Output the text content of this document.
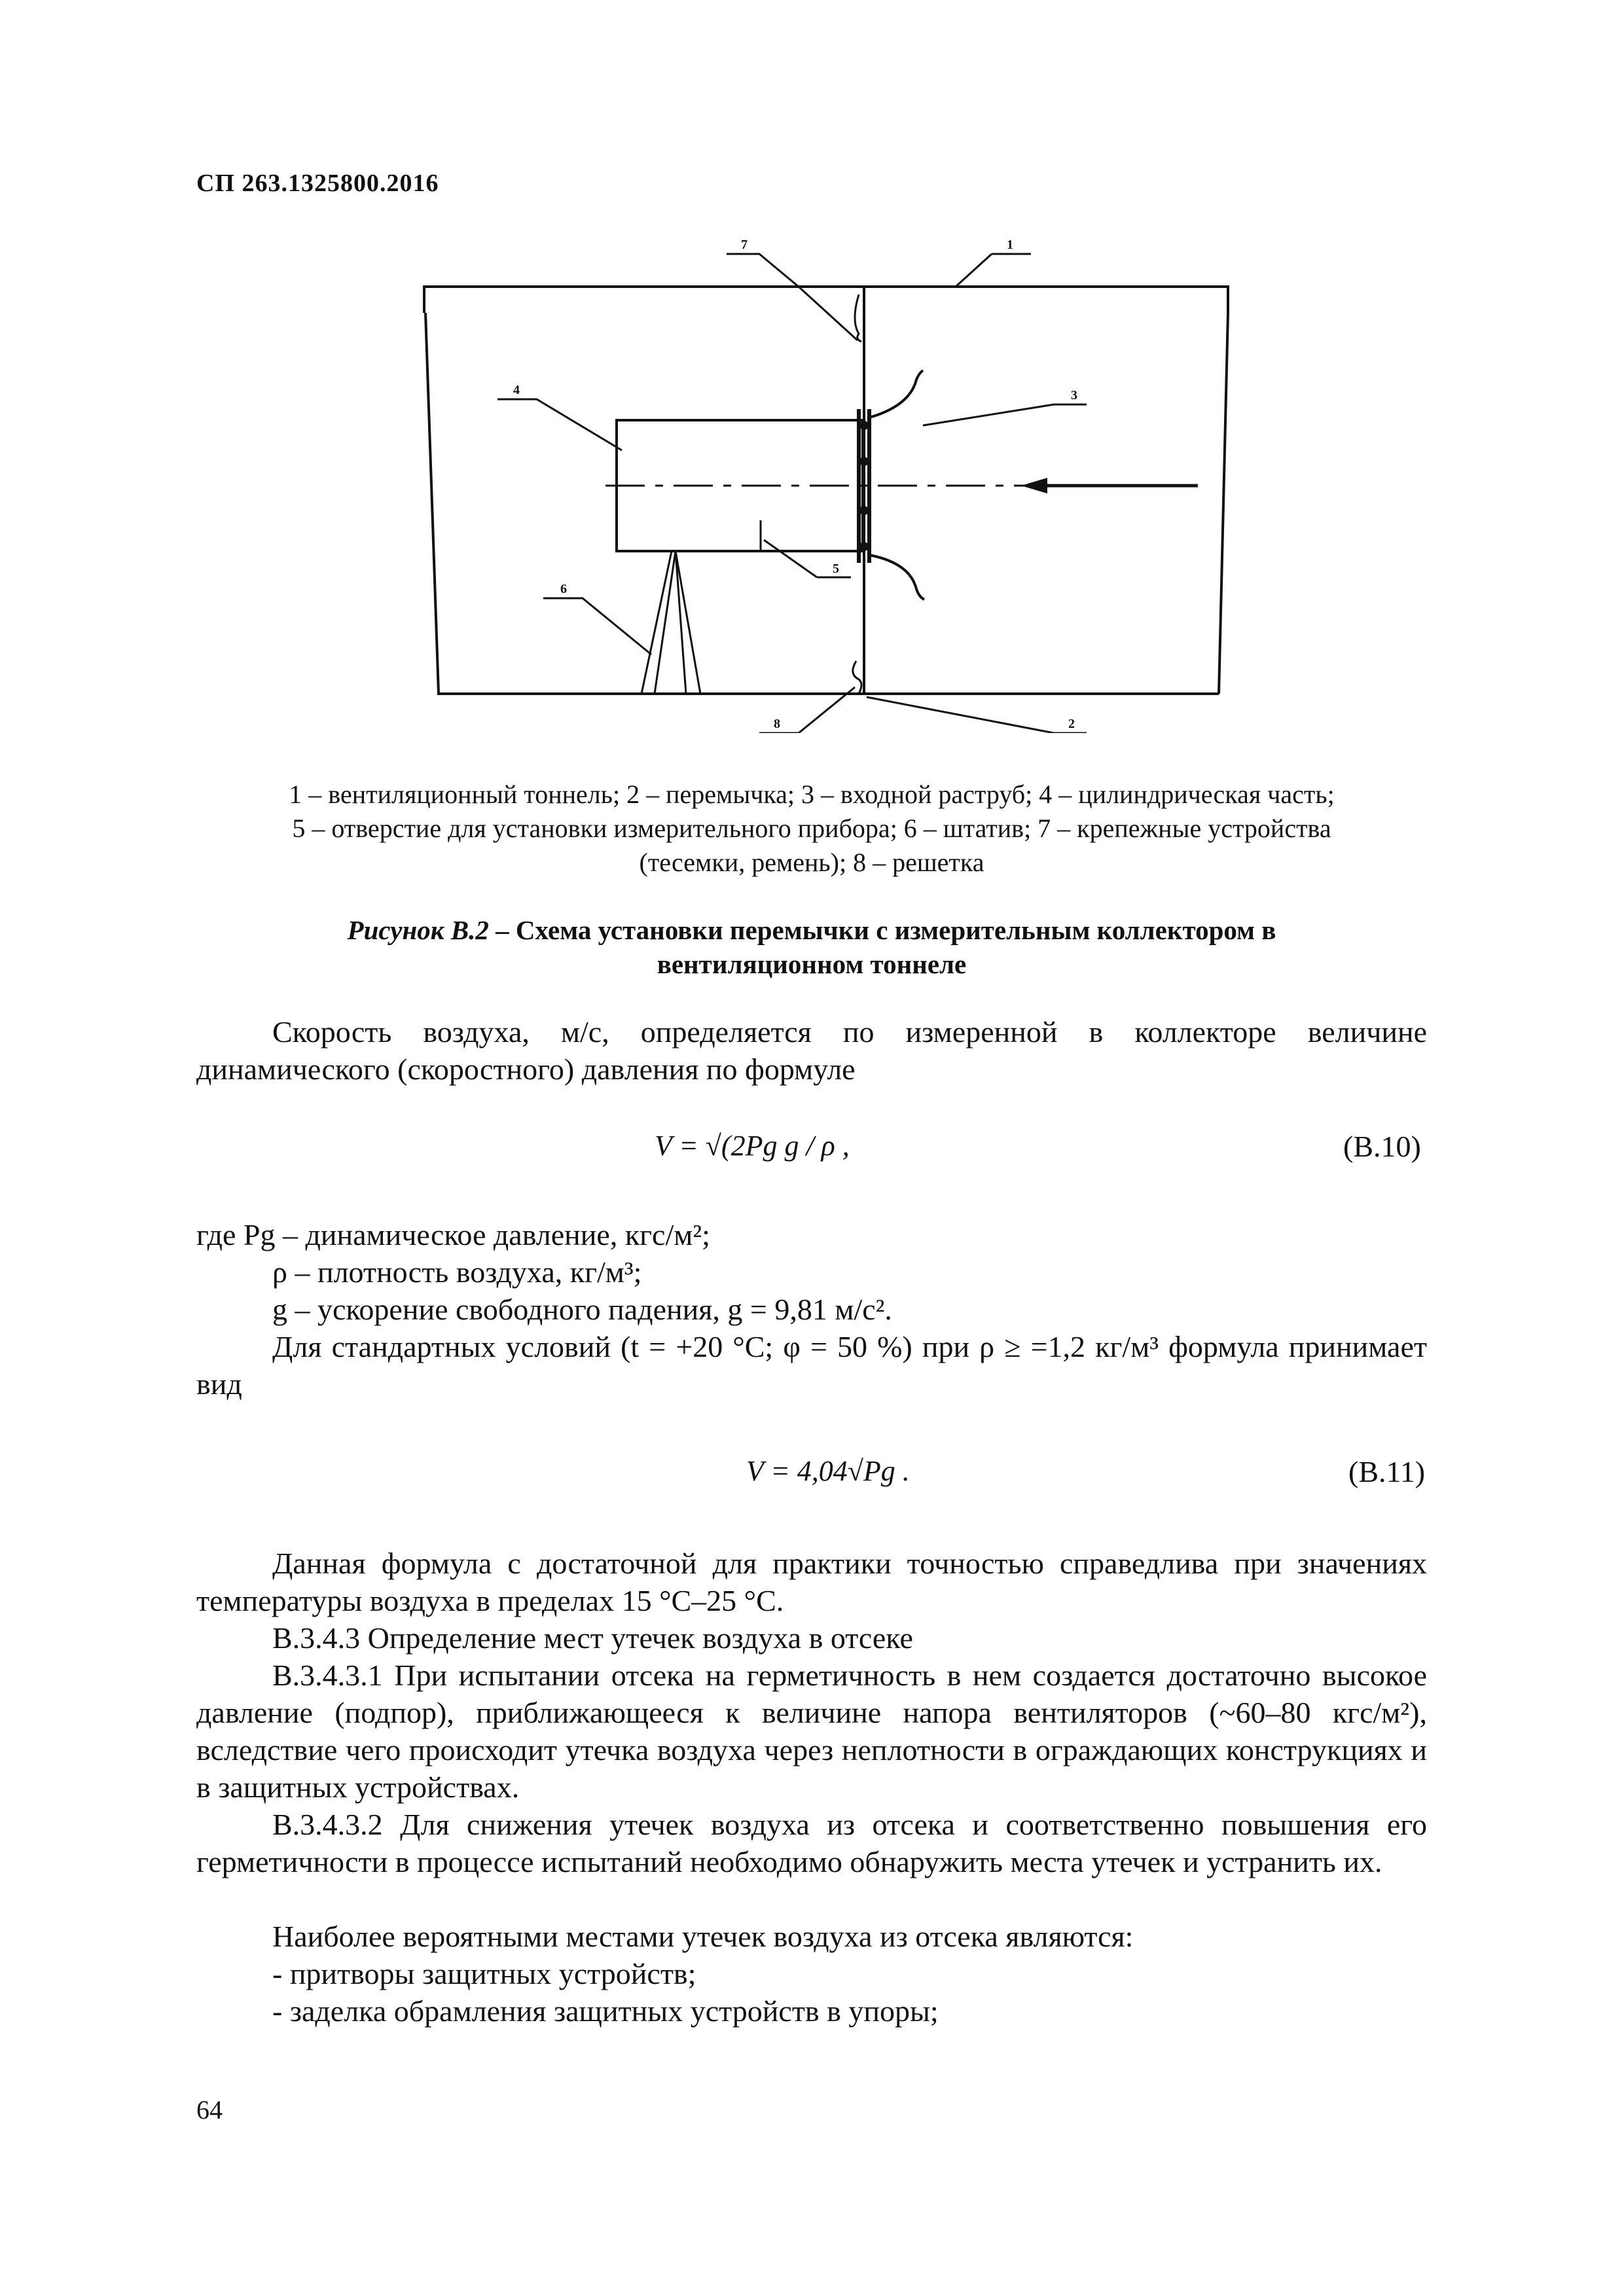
СП 263.1325800.2016
7	1
3
4
6
5
8	2
1 – вентиляционный тоннель; 2 – перемычка; 3 – входной раструб; 4 – цилиндрическая часть;
5 – отверстие для установки измерительного прибора; 6 – штатив; 7 – крепежные устройства
(тесемки, ремень); 8 – решетка
Рисунок В.2 – Схема установки перемычки с измерительным коллектором в
вентиляционном тоннеле
Скорость воздуха, м/с, определяется по измеренной в коллекторе величине динамического (скоростного) давления по формуле
V = √(2Pg g / ρ ,	(В.10)
где Pg – динамическое давление, кгс/м²;
ρ – плотность воздуха, кг/м³;
g – ускорение свободного падения, g = 9,81 м/с².
Для стандартных условий (t = +20 °С; φ = 50 %) при ρ ≥ =1,2 кг/м³ формула принимает вид
V = 4,04√Pg .	(В.11)
Данная формула с достаточной для практики точностью справедлива при значениях температуры воздуха в пределах 15 °С–25 °С.
В.3.4.3 Определение мест утечек воздуха в отсеке
В.3.4.3.1 При испытании отсека на герметичность в нем создается достаточно высокое давление (подпор), приближающееся к величине напора вентиляторов (~60–80 кгс/м²), вследствие чего происходит утечка воздуха через неплотности в ограждающих конструкциях и в защитных устройствах.
В.3.4.3.2 Для снижения утечек воздуха из отсека и соответственно повышения его герметичности в процессе испытаний необходимо обнаружить места утечек и устранить их.
Наиболее вероятными местами утечек воздуха из отсека являются:
- притворы защитных устройств;
- заделка обрамления защитных устройств в упоры;
64
